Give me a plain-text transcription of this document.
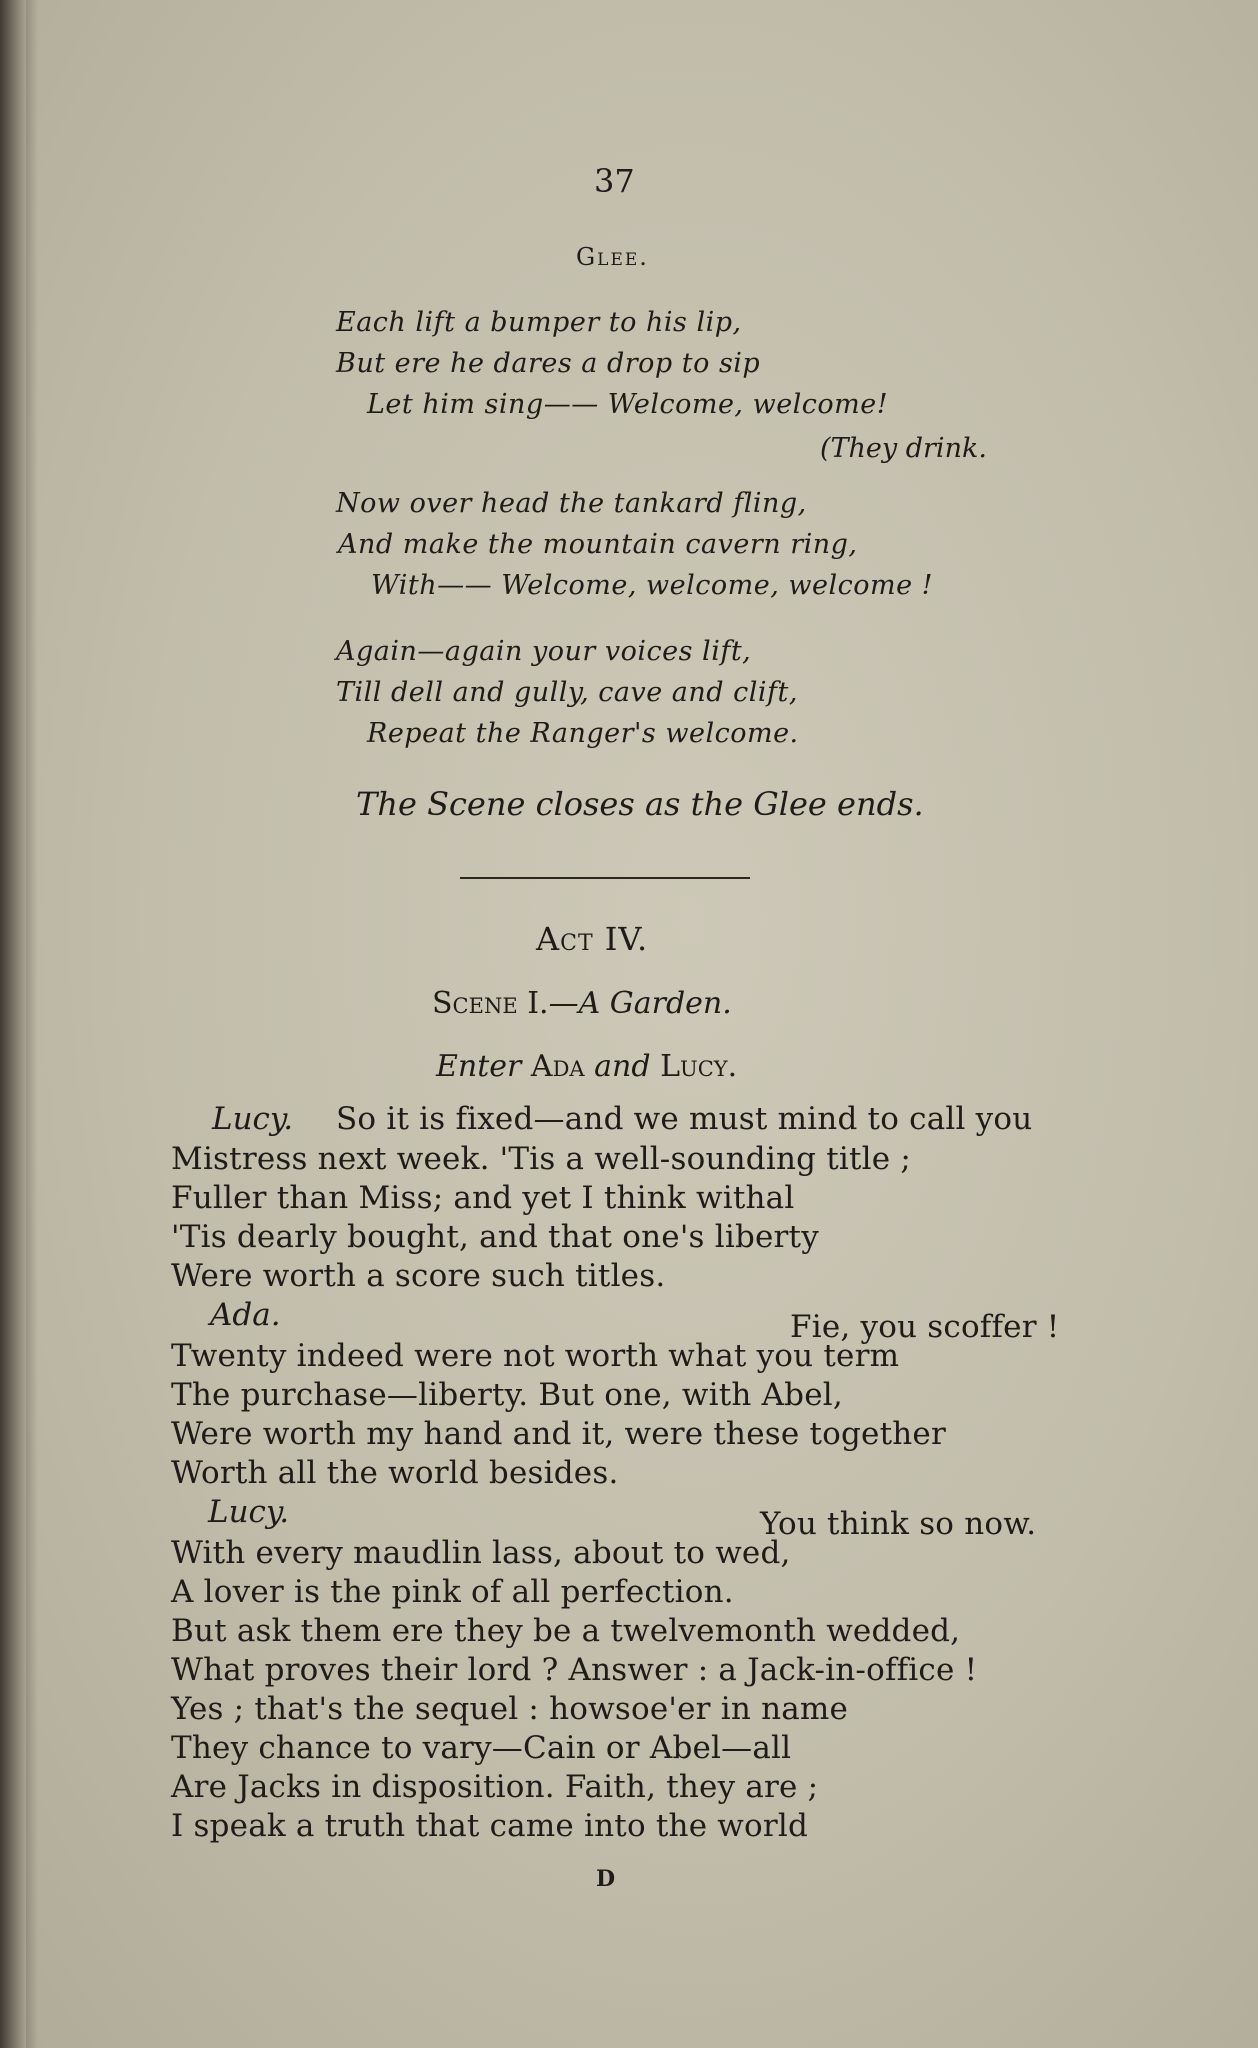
37
Glee.
Each lift a bumper to his lip,
But ere he dares a drop to sip
Let him sing—— Welcome, welcome!
(They drink.
Now over head the tankard fling,
And make the mountain cavern ring,
With—— Welcome, welcome, welcome !
Again—again your voices lift,
Till dell and gully, cave and clift,
Repeat the Ranger's welcome.
The Scene closes as the Glee ends.
Act IV.
Scene I.—A Garden.
Enter Ada and Lucy.
Lucy. So it is fixed—and we must mind to call you
Mistress next week. 'Tis a well-sounding title ;
Fuller than Miss; and yet I think withal
'Tis dearly bought, and that one's liberty
Were worth a score such titles.
Ada.	Fie, you scoffer !
Twenty indeed were not worth what you term
The purchase—liberty. But one, with Abel,
Were worth my hand and it, were these together
Worth all the world besides.
Lucy.	You think so now.
With every maudlin lass, about to wed,
A lover is the pink of all perfection.
But ask them ere they be a twelvemonth wedded,
What proves their lord ? Answer : a Jack-in-office !
Yes ; that's the sequel : howsoe'er in name
They chance to vary—Cain or Abel—all
Are Jacks in disposition. Faith, they are ;
I speak a truth that came into the world
D
